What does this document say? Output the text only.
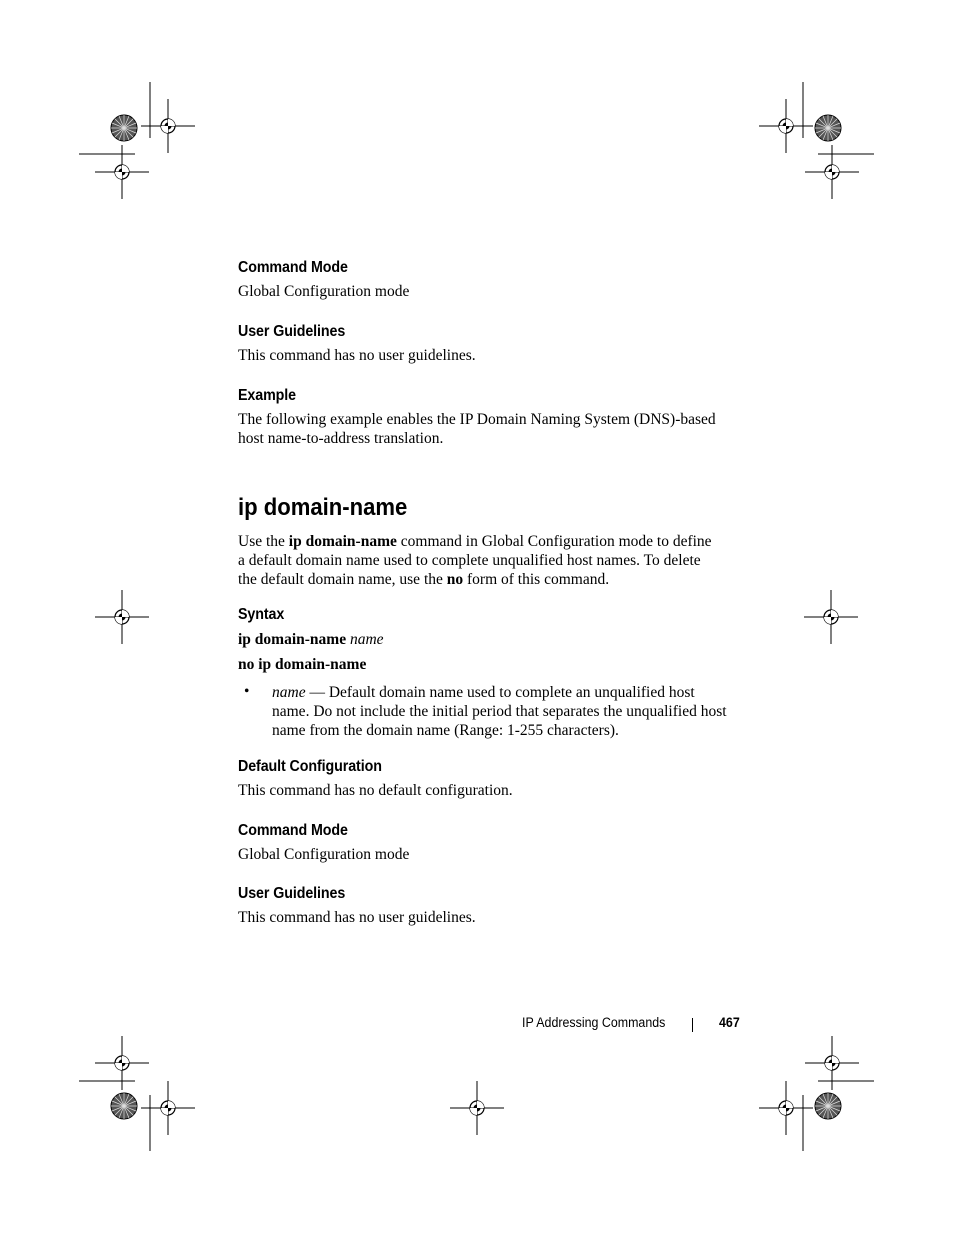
Command Mode

Global Configuration mode

User Guidelines

This command has no user guidelines.

Example

The following example enables the IP Domain Naming System (DNS)-based

host name-to-address translation.

ip domain-name

Use the ip domain-name command in Global Configuration mode to define

a default domain name used to complete unqualified host names. To delete

the default domain name, use the no form of this command.

Syntax

ip domain-name name

no ip domain-name

• name — Default domain name used to complete an unqualified host
name. Do not include the initial period that separates the unqualified host
name from the domain name (Range: 1-255 characters).
Default Configuration

This command has no default configuration.

Command Mode

Global Configuration mode

User Guidelines

This command has no user guidelines.

IP Addressing Commands	467
